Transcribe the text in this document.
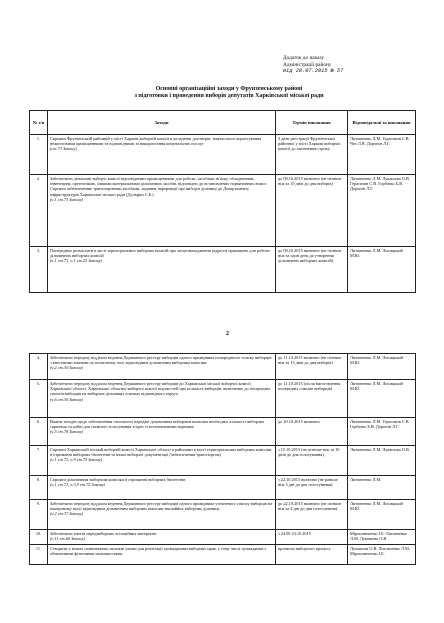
Додаток до наказу
Адміністрації району
від 20.07.2015 № 57
Основні організаційні заходи у Фрунзенському районі
з підготовки і проведення виборів депутатів Харківської міської ради
№ з/п	Заходи	Термін виконання	Відповідальні за виконання
1.	Сприяти Фрунзенській районній у місті Харкові виборчій комісії в укладенні договорів, тимчасового користування нежитловими приміщеннями та відповідними за використання комунальних послуг
(ст.73 Закону)	З дати реєстрації Фрунзенської районної у місті Харкові виборчої комісії до закінчення строку	Литовченко Л.М. Герасимів С.В. Чех Л.В. Доронін Л.Г.
2.	Забезпечити дільничні виборчі комісії відповідними приміщеннями для роботи, засобами зв'язку, обладнанням, інвентарем, оргтехнікою, іншими матеріальними дільничних засобів, відповідно до встановлених нормативних вимог. Сприяти забезпеченню транспортними засобами, надання інформації про виборчі дільниці до Департаменту інфраструктури Харківської міської ради (Дульфан С.Б.)
(ч.1 ст.73 Закону)	до 08.10.2015 включно (не пізніше ніж за 15 днів до дня виборів)	Литовченко Л.М. Лукашова О.В. Герасимів С.В. Горбатко Б.В. Доронін Л.Г.
3.	Попередньо розмістити в місті територіальних виборчих комісій про місцезнаходження (адреси) приміщень для роботи дільничних виборчих комісій
(ч.1 ст.73, ч.1 ст.25 Закону)	до 08.10.2015 включно (не пізніше ніж за один день до утворення дільничних виборчих комісій)	Литовченко Л.М. Лисицький М.Ю.
2
4.	Забезпечити передачу відділом ведення Державного реєстру виборців одного примірника попереднього списку виборців з внесеними змінами по поштовому полі відповідним дільничним виборчим комісіям
(ч.2 ст.30 Закону)	до 11.10.2015 включно (не пізніше ніж за 13 днів до дня виборів)	Литовченко Л.М. Лисицький М.Ю.
5.	Забезпечити передачу відділом ведення Державного реєстру виборців до Харківської міської виборчої комісії Харківської області, Харківської обласної виборчої комісії відомостей про кількість виборців, включених до попередніх списків виборців на виборчих дільницях в межах відповідного округу
(ч.6 ст.30 Закону)	до 11.10.2015 (після виготовлення попередніх списків виборців)	Литовченко Л.М. Лисицький М.Ю.
6.	Вжити заходів щодо забезпечення своєчасної передачі дільничним виборчим комісіям необхідної кількості виборчих скриньок та кабін для таємного голосування згідно зі встановленими нормами
(ч.5 ст.78 Закону)	до 20.10.2015 включно	Литовченко Л.М. Герасимів С.В. Горбатко Б.В. Доронін Л.Г.
7.	Сприяти Харківській міській виборчій комісії Харківської області в районами в місті територіальним виборчим комісіям в отриманні виборчих бюлетенів та іншої виборчої документації (забезпечення транспортом)
(ч.1 ст.73, ч.9 ст.75 Закону)	з 15.10.2015 (не пізніше ніж за 10 днів до дня голосування)	Литовченко Л.М. Лукашова О.В.
8.	Сприяти дільничним виборчим комісіям в отриманні виборчих бюлетенів
(ч.1 ст.73, ч.3,9 ст.75 Закону)	з 22.10.2015 включно (не раніше ніж 3 дні до дня голосування)	Литовченко Л.М.
9.	Забезпечити передачу відділом ведення Державного реєстру виборців одного примірника уточненого списку виборців на паперовому носії відповідним дільничним виборчим комісіям звичайних виборчих дільниць
(ч.2 ст.37 Закону)	до 22.10.2015 включно (не пізніше ніж за 2 дні до дня голосування)	Литовченко Л.М. Лисицький М.Ю.
10.	Забезпечити знаття передвиборних агітаційних матеріалів
(ч.11 ст.60 Закону)	з 24.00 23.10.2015	Мірошниченко І.Б. Литовченко Л.М. Лукашова О.В.
11.	Створити у межах повноважень належні умови для реалізації громадянами виборчих прав, у тому числі громадянам з обмеженими фізичними можливостями	протягом виборчого процесу	Лукашова О.В. Литовченко Л.М. Мірошниченко І.Б.
